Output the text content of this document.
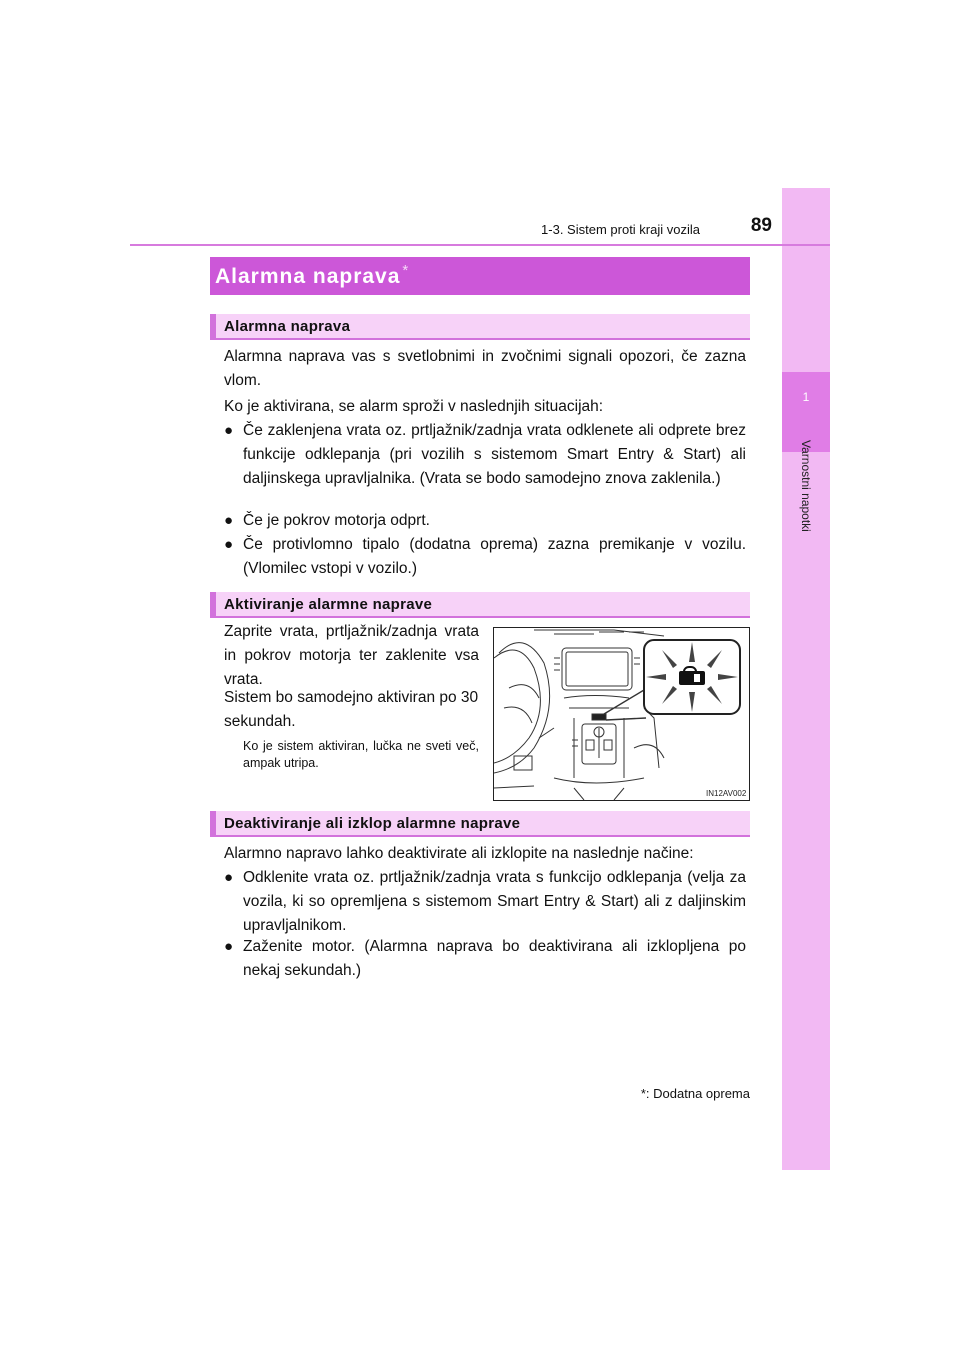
1
Varnostni napotki
1-3. Sistem proti kraji vozila	89
Alarmna naprava *
Alarmna naprava
Alarmna naprava vas s svetlobnimi in zvočnimi signali opozori, če zazna vlom.
Ko je aktivirana, se alarm sproži v naslednjih situacijah:
● Če zaklenjena vrata oz. prtljažnik/zadnja vrata odklenete ali odprete brez funkcije odklepanja (pri vozilih s sistemom Smart Entry & Start) ali daljinskega upravljalnika. (Vrata se bodo samodejno znova zaklenila.)
● Če je pokrov motorja odprt.
● Če protivlomno tipalo (dodatna oprema) zazna premikanje v vozilu. (Vlomilec vstopi v vozilo.)
Aktiviranje alarmne naprave
Zaprite vrata, prtljažnik/zadnja vrata in pokrov motorja ter zaklenite vsa vrata.
Sistem bo samodejno aktiviran po 30 sekundah.
Ko je sistem aktiviran, lučka ne sveti več, ampak utripa.
IN12AV002
Deaktiviranje ali izklop alarmne naprave
Alarmno napravo lahko deaktivirate ali izklopite na naslednje načine:
● Odklenite vrata oz. prtljažnik/zadnja vrata s funkcijo odklepanja (velja za vozila, ki so opremljena s sistemom Smart Entry & Start) ali z daljinskim upravljalnikom.
● Zaženite motor. (Alarmna naprava bo deaktivirana ali izklopljena po nekaj sekundah.)
*: Dodatna oprema
